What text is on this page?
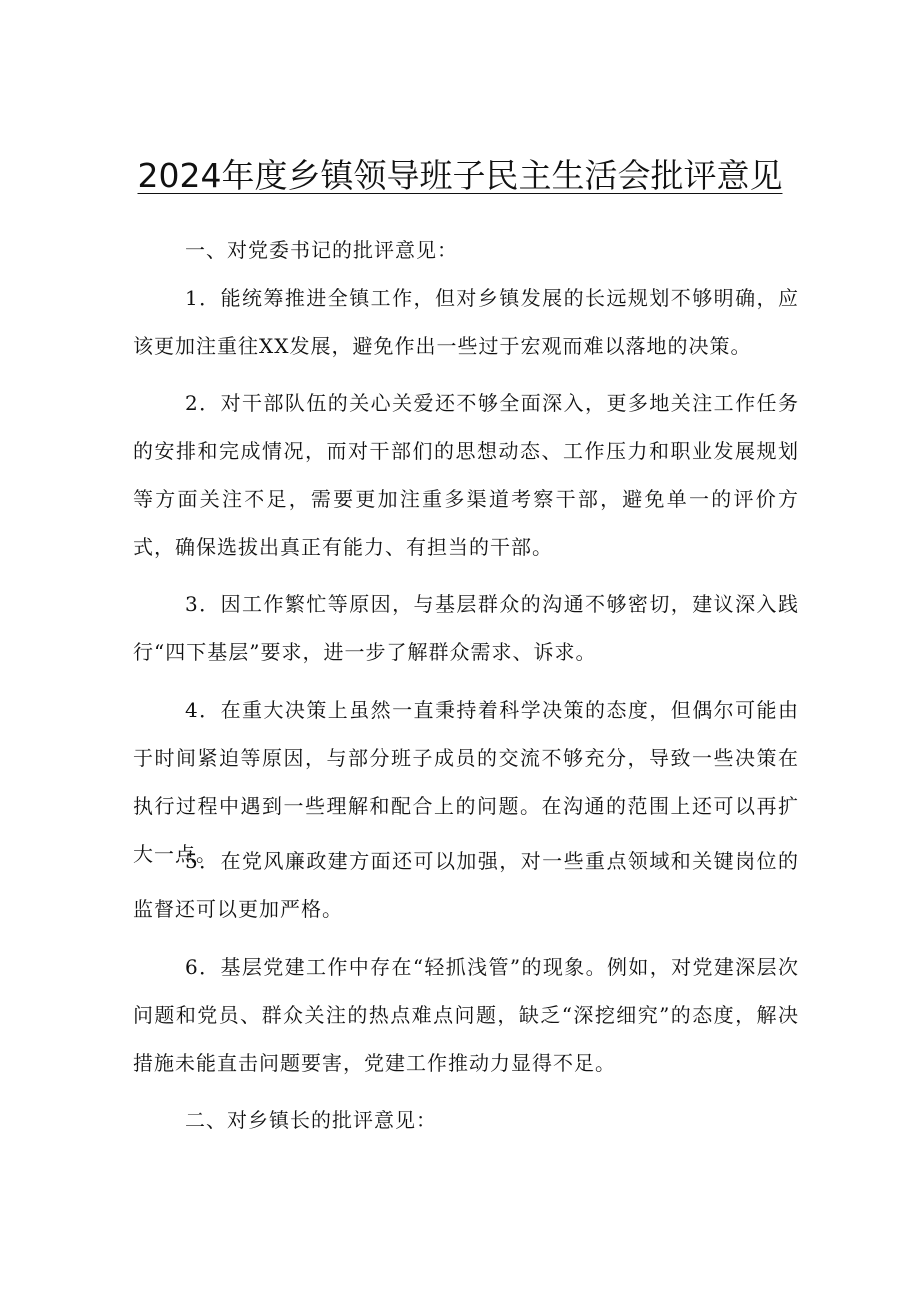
2024年度乡镇领导班子民主生活会批评意见

一、对党委书记的批评意见：

1．能统筹推进全镇工作，但对乡镇发展的长远规划不够明确，应该更加注重往XX发展，避免作出一些过于宏观而难以落地的决策。

2．对干部队伍的关心关爱还不够全面深入，更多地关注工作任务的安排和完成情况，而对干部们的思想动态、工作压力和职业发展规划等方面关注不足，需要更加注重多渠道考察干部，避免单一的评价方式，确保选拔出真正有能力、有担当的干部。

3．因工作繁忙等原因，与基层群众的沟通不够密切，建议深入践行“四下基层”要求，进一步了解群众需求、诉求。

4．在重大决策上虽然一直秉持着科学决策的态度，但偶尔可能由于时间紧迫等原因，与部分班子成员的交流不够充分，导致一些决策在执行过程中遇到一些理解和配合上的问题。在沟通的范围上还可以再扩大一点。

5．在党风廉政建方面还可以加强，对一些重点领域和关键岗位的监督还可以更加严格。

6．基层党建工作中存在“轻抓浅管”的现象。例如，对党建深层次问题和党员、群众关注的热点难点问题，缺乏“深挖细究”的态度，解决措施未能直击问题要害，党建工作推动力显得不足。

二、对乡镇长的批评意见：
